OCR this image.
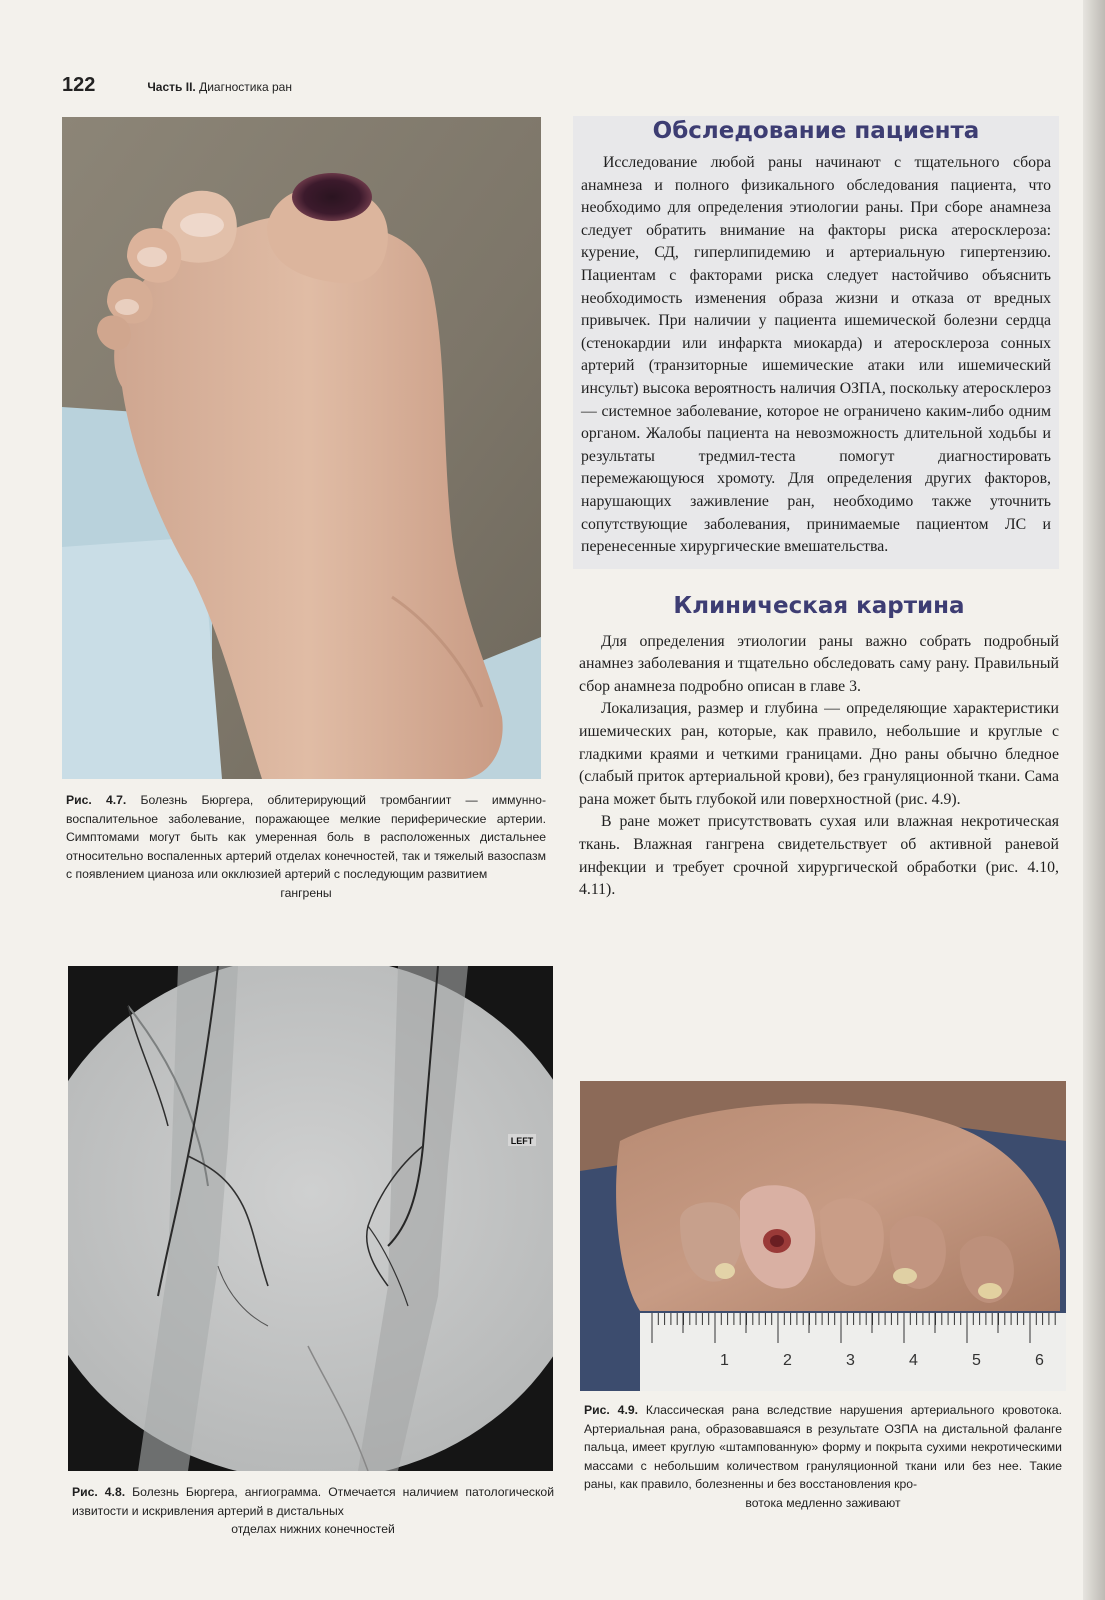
122	Часть II. Диагностика ран
Рис. 4.7. Болезнь Бюргера, облитерирующий тромбангиит — иммунно-воспалительное заболевание, поражающее мелкие периферические артерии. Симптомами могут быть как умеренная боль в расположенных дистальнее относительно воспаленных артерий отделах конечностей, так и тяжелый вазоспазм с появлением цианоза или окклюзией артерий с последующим развитием
гангрены
LEFT
Рис. 4.8. Болезнь Бюргера, ангиограмма. Отмечается наличием патологической извитости и искривления артерий в дистальных
отделах нижних конечностей
Обследование пациента

Исследование любой раны начинают с тщательного сбора анамнеза и полного физикального обследования пациента, что необходимо для определения этиологии раны. При сборе анамнеза следует обратить внимание на факторы риска атеросклероза: курение, СД, гиперлипидемию и артериальную гипертензию. Пациентам с факторами риска следует настойчиво объяснить необходимость изменения образа жизни и отказа от вредных привычек. При наличии у пациента ишемической болезни сердца (стенокардии или инфаркта миокарда) и атеросклероза сонных артерий (транзиторные ишемические атаки или ишемический инсульт) высока вероятность наличия ОЗПА, поскольку атеросклероз — системное заболевание, которое не ограничено каким-либо одним органом. Жалобы пациента на невозможность длительной ходьбы и результаты тредмил-теста помогут диагностировать перемежающуюся хромоту. Для определения других факторов, нарушающих заживление ран, необходимо также уточнить сопутствующие заболевания, принимаемые пациентом ЛС и перенесенные хирургические вмешательства.

Клиническая картина

Для определения этиологии раны важно собрать подробный анамнез заболевания и тщательно обследовать саму рану. Правильный сбор анамнеза подробно описан в главе 3.

Локализация, размер и глубина — определяющие характеристики ишемических ран, которые, как правило, небольшие и круглые с гладкими краями и четкими границами. Дно раны обычно бледное (слабый приток артериальной крови), без грануляционной ткани. Сама рана может быть глубокой или поверхностной (рис. 4.9).

В ране может присутствовать сухая или влажная некротическая ткань. Влажная гангрена свидетельствует об активной раневой инфекции и требует срочной хирургической обработки (рис. 4.10, 4.11).

1	2	3	4	5	6
Рис. 4.9. Классическая рана вследствие нарушения артериального кровотока. Артериальная рана, образовавшаяся в результате ОЗПА на дистальной фаланге пальца, имеет круглую «штампованную» форму и покрыта сухими некротическими массами с небольшим количеством грануляционной ткани или без нее. Такие раны, как правило, болезненны и без восстановления кро-
вотока медленно заживают
